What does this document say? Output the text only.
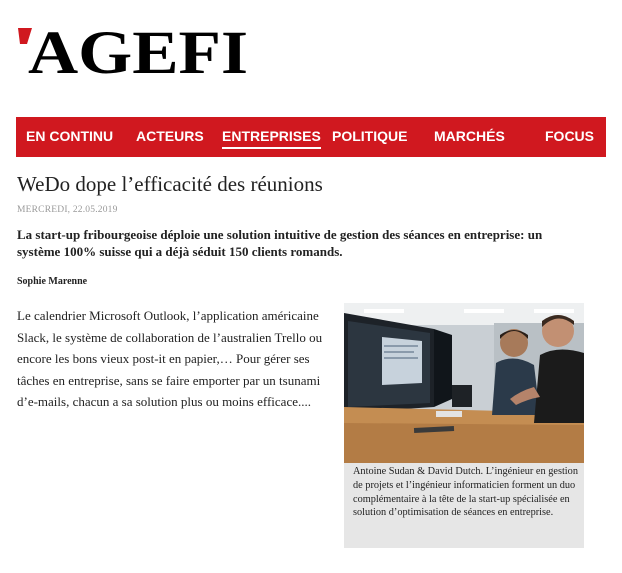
AGEFI
EN CONTINU ACTEURS ENTREPRISES POLITIQUE MARCHÉS	FOCUS
WeDo dope l’efficacité des réunions
MERCREDI, 22.05.2019
La start-up fribourgeoise déploie une solution intuitive de gestion des séances en entreprise: un système 100% suisse qui a déjà séduit 150 clients romands.
Sophie Marenne
Le calendrier Microsoft Outlook, l’application américaine Slack, le système de collaboration de l’australien Trello ou encore les bons vieux post-it en papier,… Pour gérer ses tâches en entreprise, sans se faire emporter par un tsunami d’e-mails, chacun a sa solution plus ou moins efficace....
Antoine Sudan & David Dutch. L’ingénieur en gestion de projets et l’ingénieur informaticien forment un duo complémentaire à la tête de la start-up spécialisée en solution d’optimisation de séances en entreprise.
